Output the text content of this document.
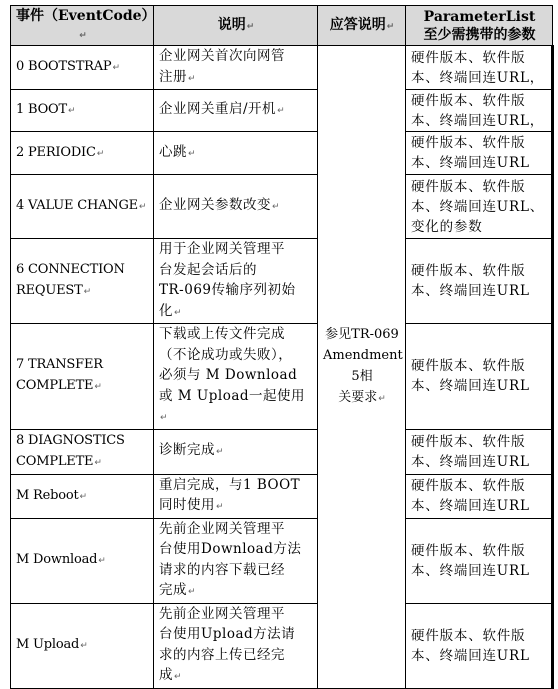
事件（EventCode）↵	说明↵	应答说明↵	ParameterList
至少需携带的参数
0 BOOTSTRAP↵	企业网关首次向网管
注册↵	参见TR-069
Amendment 5相
关要求↵	硬件版本、软件版
本、终端回连URL，
1 BOOT↵	企业网关重启/开机↵		硬件版本、软件版
本、终端回连URL，
2 PERIODIC↵	心跳↵		硬件版本、软件版
本、终端回连URL
4 VALUE CHANGE↵	企业网关参数改变↵		硬件版本、软件版
本、终端回连URL、
变化的参数
6 CONNECTION
REQUEST↵	用于企业网关管理平
台发起会话后的
TR-069传输序列初始
化↵		硬件版本、软件版
本、终端回连URL
7 TRANSFER
COMPLETE↵	下载或上传文件完成
（不论成功或失败），
必须与 M Download
或 M Upload一起使用↵		硬件版本、软件版
本、终端回连URL
8 DIAGNOSTICS
COMPLETE↵	诊断完成↵		硬件版本、软件版
本、终端回连URL
M Reboot↵	重启完成，与1 BOOT
同时使用↵		硬件版本、软件版
本、终端回连URL
M Download↵	先前企业网关管理平
台使用Download方法
请求的内容下载已经
完成↵		硬件版本、软件版
本、终端回连URL
M Upload↵	先前企业网关管理平
台使用Upload方法请
求的内容上传已经完
成↵		硬件版本、软件版
本、终端回连URL
